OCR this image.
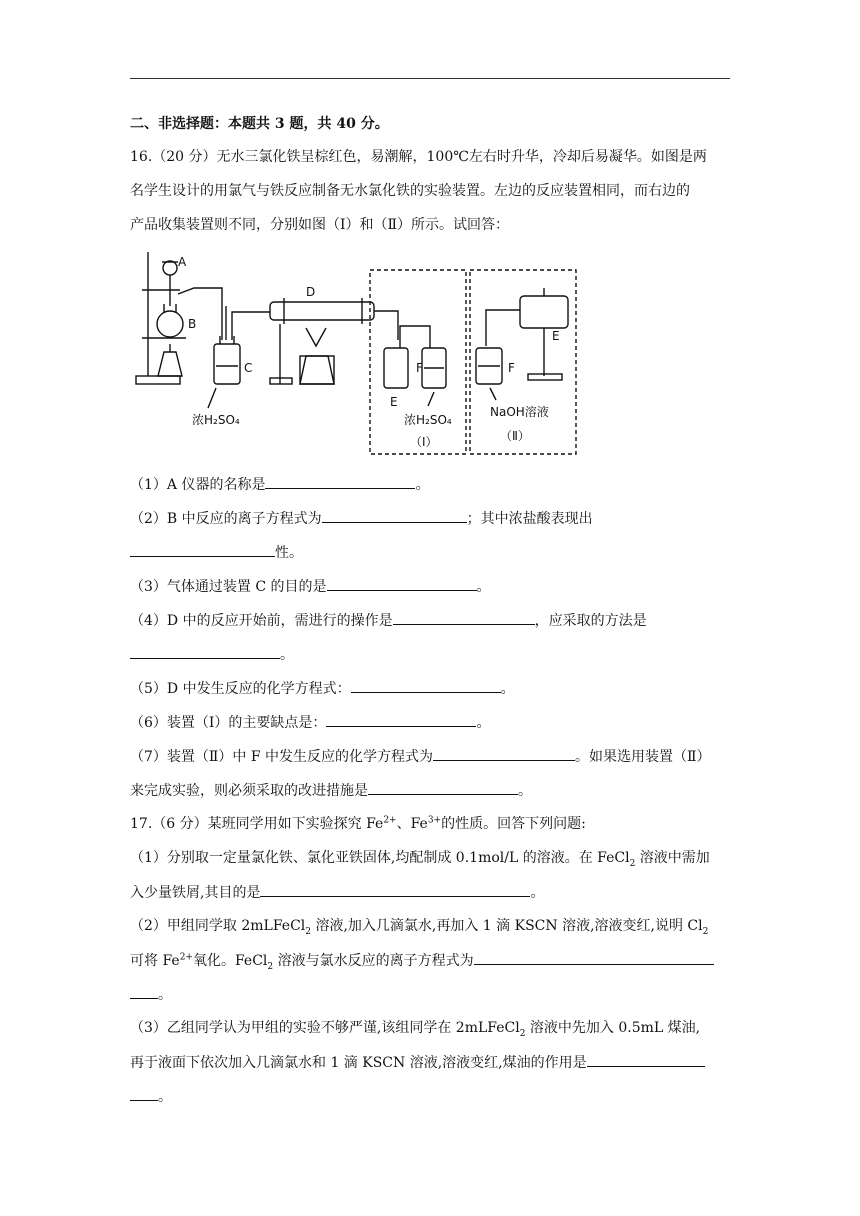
二、非选择题：本题共 3 题，共 40 分。
16.（20 分）无水三氯化铁呈棕红色，易潮解，100℃左右时升华，冷却后易凝华。如图是两
名学生设计的用氯气与铁反应制备无水氯化铁的实验装置。左边的反应装置相同，而右边的
产品收集装置则不同，分别如图（Ⅰ）和（Ⅱ）所示。试回答：
A
B
C
D
E
F
E
F
浓H₂SO₄	浓H₂SO₄
（Ⅰ）
NaOH溶液
（Ⅱ）
（1）A 仪器的名称是	。
（2）B 中反应的离子方程式为	；其中浓盐酸表现出
性。
（3）气体通过装置 C 的目的是	。
（4）D 中的反应开始前，需进行的操作是	，应采取的方法是
。
（5）D 中发生反应的化学方程式：	。
（6）装置（Ⅰ）的主要缺点是：	。
（7）装置（Ⅱ）中 F 中发生反应的化学方程式为	。如果选用装置（Ⅱ）
来完成实验，则必须采取的改进措施是	。
17.（6 分）某班同学用如下实验探究 $Fe^{2+}$、$Fe^{3+}$的性质。回答下列问题:
（1）分别取一定量氯化铁、氯化亚铁固体,均配制成 0.1mol/L 的溶液。在 FeCl$_2$ 溶液中需加
入少量铁屑,其目的是	。
（2）甲组同学取 2mLFeCl$_2$ 溶液,加入几滴氯水,再加入 1 滴 KSCN 溶液,溶液变红,说明 $Cl_2$
可将 $Fe^{2+}$氧化。FeCl$_2$ 溶液与氯水反应的离子方程式为
。
（3）乙组同学认为甲组的实验不够严谨,该组同学在 2mLFeCl$_2$ 溶液中先加入 0.5mL 煤油,
再于液面下依次加入几滴氯水和 1 滴 KSCN 溶液,溶液变红,煤油的作用是
。
